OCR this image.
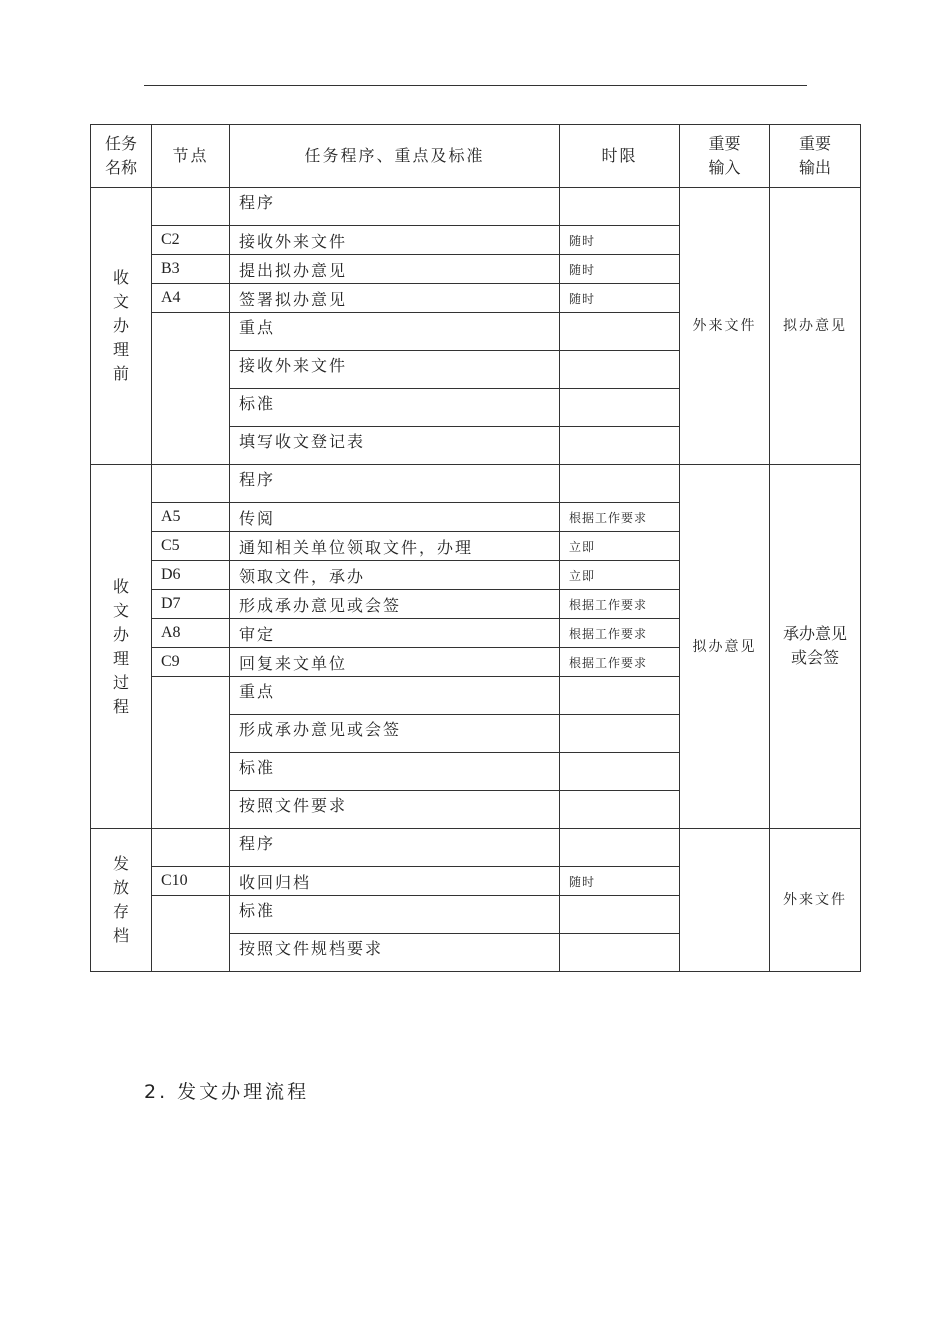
任务名称	节点	任务程序、重点及标准	时限	重要输入	重要输出
收文办理前		程序		外来文件	拟办意见
	C2	接收外来文件	随时		
	B3	提出拟办意见	随时		
	A4	签署拟办意见	随时		
		重点			
		接收外来文件			
		标准			
		填写收文登记表			
收文办理过程		程序		拟办意见	承办意见或会签
	A5	传阅	根据工作要求		
	C5	通知相关单位领取文件，办理	立即		
	D6	领取文件，承办	立即		
	D7	形成承办意见或会签	根据工作要求		
	A8	审定	根据工作要求		
	C9	回复来文单位	根据工作要求		
		重点			
		形成承办意见或会签			
		标准			
		按照文件要求			
发放存档		程序			外来文件
	C10	收回归档	随时		
		标准			
		按照文件规档要求			
2. 发文办理流程
